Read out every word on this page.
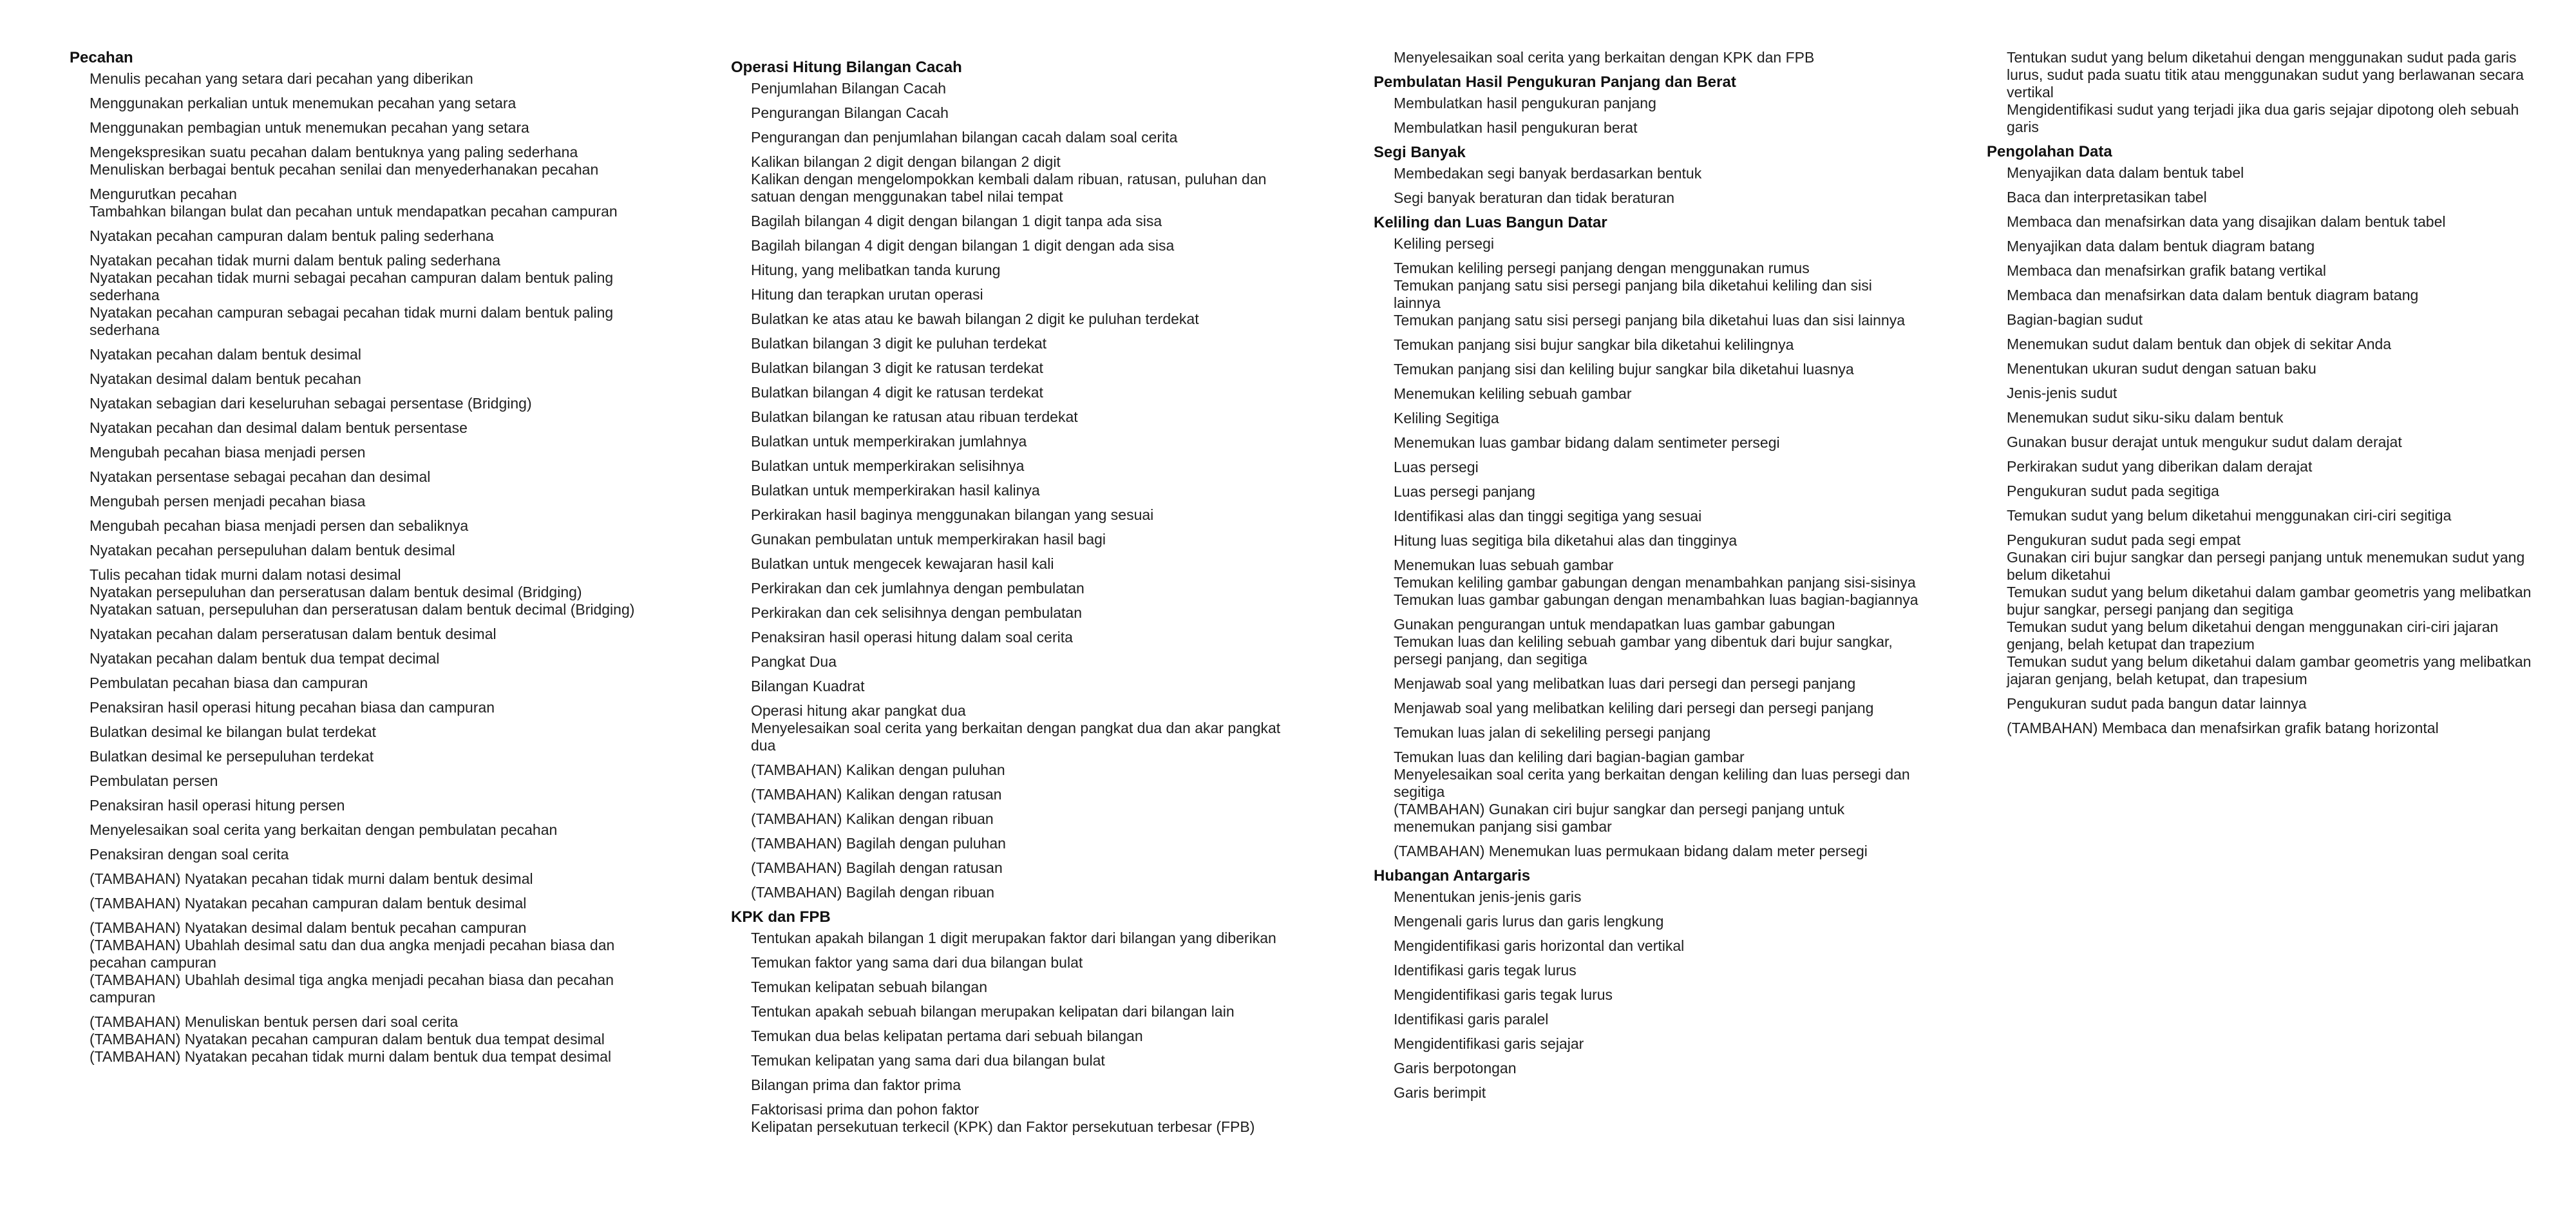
Pecahan
Menulis pecahan yang setara dari pecahan yang diberikan
Menggunakan perkalian untuk menemukan pecahan yang setara
Menggunakan pembagian untuk menemukan pecahan yang setara
Mengekspresikan suatu pecahan dalam bentuknya yang paling sederhana
Menuliskan berbagai bentuk pecahan senilai dan menyederhanakan pecahan
Mengurutkan pecahan
Tambahkan bilangan bulat dan pecahan untuk mendapatkan pecahan campuran
Nyatakan pecahan campuran dalam bentuk paling sederhana
Nyatakan pecahan tidak murni dalam bentuk paling sederhana
Nyatakan pecahan tidak murni sebagai pecahan campuran dalam bentuk paling sederhana
Nyatakan pecahan campuran sebagai pecahan tidak murni dalam bentuk paling sederhana
Nyatakan pecahan dalam bentuk desimal
Nyatakan desimal dalam bentuk pecahan
Nyatakan sebagian dari keseluruhan sebagai persentase (Bridging)
Nyatakan pecahan dan desimal dalam bentuk persentase
Mengubah pecahan biasa menjadi persen
Nyatakan persentase sebagai pecahan dan desimal
Mengubah persen menjadi pecahan biasa
Mengubah pecahan biasa menjadi persen dan sebaliknya
Nyatakan pecahan persepuluhan dalam bentuk desimal
Tulis pecahan tidak murni dalam notasi desimal
Nyatakan persepuluhan dan perseratusan dalam bentuk desimal (Bridging)
Nyatakan satuan, persepuluhan dan perseratusan dalam bentuk decimal (Bridging)
Nyatakan pecahan dalam perseratusan dalam bentuk desimal
Nyatakan pecahan dalam bentuk dua tempat decimal
Pembulatan pecahan biasa dan campuran
Penaksiran hasil operasi hitung pecahan biasa dan campuran
Bulatkan desimal ke bilangan bulat terdekat
Bulatkan desimal ke persepuluhan terdekat
Pembulatan persen
Penaksiran hasil operasi hitung persen
Menyelesaikan soal cerita yang berkaitan dengan pembulatan pecahan
Penaksiran dengan soal cerita
(TAMBAHAN) Nyatakan pecahan tidak murni dalam bentuk desimal
(TAMBAHAN) Nyatakan pecahan campuran dalam bentuk desimal
(TAMBAHAN) Nyatakan desimal dalam bentuk pecahan campuran
(TAMBAHAN) Ubahlah desimal satu dan dua angka menjadi pecahan biasa dan pecahan campuran
(TAMBAHAN) Ubahlah desimal tiga angka menjadi pecahan biasa dan pecahan campuran
(TAMBAHAN) Menuliskan bentuk persen dari soal cerita
(TAMBAHAN) Nyatakan pecahan campuran dalam bentuk dua tempat desimal
(TAMBAHAN) Nyatakan pecahan tidak murni dalam bentuk dua tempat desimal
Operasi Hitung Bilangan Cacah
Penjumlahan Bilangan Cacah
Pengurangan Bilangan Cacah
Pengurangan dan penjumlahan bilangan cacah dalam soal cerita
Kalikan bilangan 2 digit dengan bilangan 2 digit
Kalikan dengan mengelompokkan kembali dalam ribuan, ratusan, puluhan dan satuan dengan menggunakan tabel nilai tempat
Bagilah bilangan 4 digit dengan bilangan 1 digit tanpa ada sisa
Bagilah bilangan 4 digit dengan bilangan 1 digit dengan ada sisa
Hitung, yang melibatkan tanda kurung
Hitung dan terapkan urutan operasi
Bulatkan ke atas atau ke bawah bilangan 2 digit ke puluhan terdekat
Bulatkan bilangan 3 digit ke puluhan terdekat
Bulatkan bilangan 3 digit ke ratusan terdekat
Bulatkan bilangan 4 digit ke ratusan terdekat
Bulatkan bilangan ke ratusan atau ribuan terdekat
Bulatkan untuk memperkirakan jumlahnya
Bulatkan untuk memperkirakan selisihnya
Bulatkan untuk memperkirakan hasil kalinya
Perkirakan hasil baginya menggunakan bilangan yang sesuai
Gunakan pembulatan untuk memperkirakan hasil bagi
Bulatkan untuk mengecek kewajaran hasil kali
Perkirakan dan cek jumlahnya dengan pembulatan
Perkirakan dan cek selisihnya dengan pembulatan
Penaksiran hasil operasi hitung dalam soal cerita
Pangkat Dua
Bilangan Kuadrat
Operasi hitung akar pangkat dua
Menyelesaikan soal cerita yang berkaitan dengan pangkat dua dan akar pangkat dua
(TAMBAHAN) Kalikan dengan puluhan
(TAMBAHAN) Kalikan dengan ratusan
(TAMBAHAN) Kalikan dengan ribuan
(TAMBAHAN) Bagilah dengan puluhan
(TAMBAHAN) Bagilah dengan ratusan
(TAMBAHAN) Bagilah dengan ribuan
KPK dan FPB
Tentukan apakah bilangan 1 digit merupakan faktor dari bilangan yang diberikan
Temukan faktor yang sama dari dua bilangan bulat
Temukan kelipatan sebuah bilangan
Tentukan apakah sebuah bilangan merupakan kelipatan dari bilangan lain
Temukan dua belas kelipatan pertama dari sebuah bilangan
Temukan kelipatan yang sama dari dua bilangan bulat
Bilangan prima dan faktor prima
Faktorisasi prima dan pohon faktor
Kelipatan persekutuan terkecil (KPK) dan Faktor persekutuan terbesar (FPB)
Menyelesaikan soal cerita yang berkaitan dengan KPK dan FPB
Pembulatan Hasil Pengukuran Panjang dan Berat
Membulatkan hasil pengukuran panjang
Membulatkan hasil pengukuran berat
Segi Banyak
Membedakan segi banyak berdasarkan bentuk
Segi banyak beraturan dan tidak beraturan
Keliling dan Luas Bangun Datar
Keliling persegi
Temukan keliling persegi panjang dengan menggunakan rumus
Temukan panjang satu sisi persegi panjang bila diketahui keliling dan sisi lainnya
Temukan panjang satu sisi persegi panjang bila diketahui luas dan sisi lainnya
Temukan panjang sisi bujur sangkar bila diketahui kelilingnya
Temukan panjang sisi dan keliling bujur sangkar bila diketahui luasnya
Menemukan keliling sebuah gambar
Keliling Segitiga
Menemukan luas gambar bidang dalam sentimeter persegi
Luas persegi
Luas persegi panjang
Identifikasi alas dan tinggi segitiga yang sesuai
Hitung luas segitiga bila diketahui alas dan tingginya
Menemukan luas sebuah gambar
Temukan keliling gambar gabungan dengan menambahkan panjang sisi-sisinya
Temukan luas gambar gabungan dengan menambahkan luas bagian-bagiannya
Gunakan pengurangan untuk mendapatkan luas gambar gabungan
Temukan luas dan keliling sebuah gambar yang dibentuk dari bujur sangkar, persegi panjang, dan segitiga
Menjawab soal yang melibatkan luas dari persegi dan persegi panjang
Menjawab soal yang melibatkan keliling dari persegi dan persegi panjang
Temukan luas jalan di sekeliling persegi panjang
Temukan luas dan keliling dari bagian-bagian gambar
Menyelesaikan soal cerita yang berkaitan dengan keliling dan luas persegi dan segitiga
(TAMBAHAN) Gunakan ciri bujur sangkar dan persegi panjang untuk menemukan panjang sisi gambar
(TAMBAHAN) Menemukan luas permukaan bidang dalam meter persegi
Hubangan Antargaris
Menentukan jenis-jenis garis
Mengenali garis lurus dan garis lengkung
Mengidentifikasi garis horizontal dan vertikal
Identifikasi garis tegak lurus
Mengidentifikasi garis tegak lurus
Identifikasi garis paralel
Mengidentifikasi garis sejajar
Garis berpotongan
Garis berimpit
Tentukan sudut yang belum diketahui dengan menggunakan sudut pada garis lurus, sudut pada suatu titik atau menggunakan sudut yang berlawanan secara vertikal
Mengidentifikasi sudut yang terjadi jika dua garis sejajar dipotong oleh sebuah garis
Pengolahan Data
Menyajikan data dalam bentuk tabel
Baca dan interpretasikan tabel
Membaca dan menafsirkan data yang disajikan dalam bentuk tabel
Menyajikan data dalam bentuk diagram batang
Membaca dan menafsirkan grafik batang vertikal
Membaca dan menafsirkan data dalam bentuk diagram batang
Bagian-bagian sudut
Menemukan sudut dalam bentuk dan objek di sekitar Anda
Menentukan ukuran sudut dengan satuan baku
Jenis-jenis sudut
Menemukan sudut siku-siku dalam bentuk
Gunakan busur derajat untuk mengukur sudut dalam derajat
Perkirakan sudut yang diberikan dalam derajat
Pengukuran sudut pada segitiga
Temukan sudut yang belum diketahui menggunakan ciri-ciri segitiga
Pengukuran sudut pada segi empat
Gunakan ciri bujur sangkar dan persegi panjang untuk menemukan sudut yang belum diketahui
Temukan sudut yang belum diketahui dalam gambar geometris yang melibatkan bujur sangkar, persegi panjang dan segitiga
Temukan sudut yang belum diketahui dengan menggunakan ciri-ciri jajaran genjang, belah ketupat dan trapezium
Temukan sudut yang belum diketahui dalam gambar geometris yang melibatkan jajaran genjang, belah ketupat, dan trapesium
Pengukuran sudut pada bangun datar lainnya
(TAMBAHAN) Membaca dan menafsirkan grafik batang horizontal
